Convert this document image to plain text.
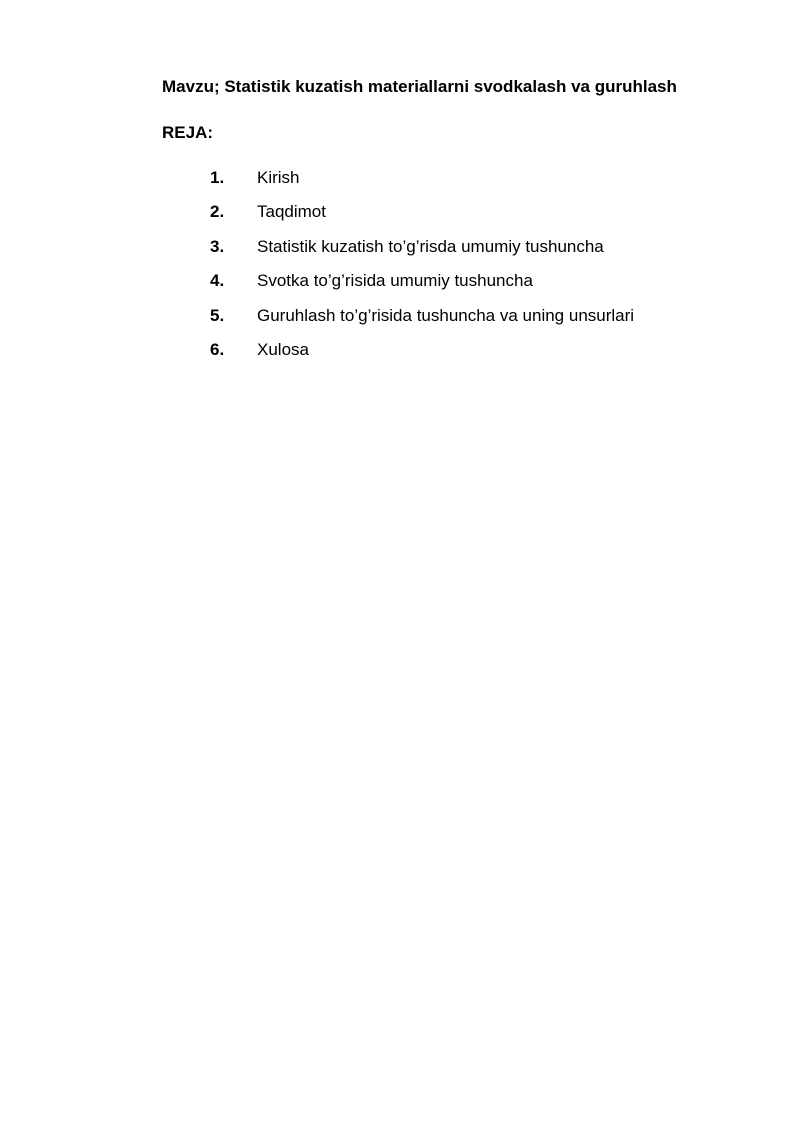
Mavzu; Statistik kuzatish materiallarni svodkalash va guruhlash
REJA:
1.	Kirish
2.	Taqdimot
3.	Statistik kuzatish to’g’risda umumiy tushuncha
4.	Svotka to’g’risida umumiy tushuncha
5.	Guruhlash to’g’risida tushuncha va uning unsurlari
6.	Xulosa
